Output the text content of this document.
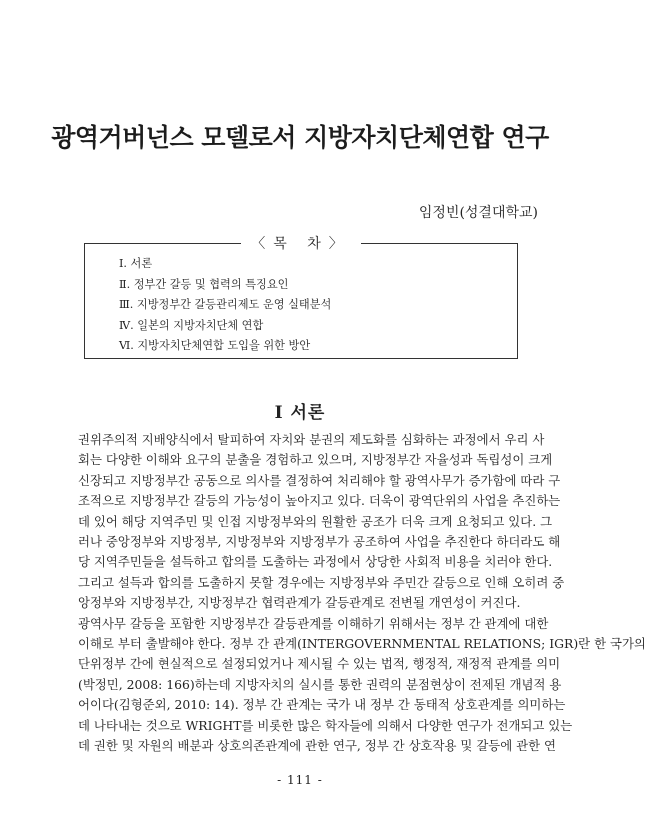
광역거버넌스 모델로서 지방자치단체연합 연구
임정빈(성결대학교)
〈목 차〉
Ⅰ. 서론
Ⅱ. 정부간 갈등 및 협력의 특징요인
Ⅲ. 지방정부간 갈등관리제도 운영 실태분석
Ⅳ. 일본의 지방자치단체 연합
Ⅵ. 지방자치단체연합 도입을 위한 방안
Ⅰ 서론
권위주의적 지배양식에서 탈피하여 자치와 분권의 제도화를 심화하는 과정에서 우리 사
회는 다양한 이해와 요구의 분출을 경험하고 있으며, 지방정부간 자율성과 독립성이 크게
신장되고 지방정부간 공동으로 의사를 결정하여 처리해야 할 광역사무가 증가함에 따라 구
조적으로 지방정부간 갈등의 가능성이 높아지고 있다. 더욱이 광역단위의 사업을 추진하는
데 있어 해당 지역주민 및 인접 지방정부와의 원활한 공조가 더욱 크게 요청되고 있다. 그
러나 중앙정부와 지방정부, 지방정부와 지방정부가 공조하여 사업을 추진한다 하더라도 해
당 지역주민들을 설득하고 합의를 도출하는 과정에서 상당한 사회적 비용을 치러야 한다.
그리고 설득과 합의를 도출하지 못할 경우에는 지방정부와 주민간 갈등으로 인해 오히려 중
앙정부와 지방정부간, 지방정부간 협력관계가 갈등관계로 전변될 개연성이 커진다.
광역사무 갈등을 포함한 지방정부간 갈등관계를 이해하기 위해서는 정부 간 관계에 대한
이해로 부터 출발해야 한다. 정부 간 관계(INTERGOVERNMENTAL RELATIONS; IGR)란 한 국가의
단위정부 간에 현실적으로 설정되었거나 제시될 수 있는 법적, 행정적, 재정적 관계를 의미
(박정민, 2008: 166)하는데 지방자치의 실시를 통한 권력의 분점현상이 전제된 개념적 용
어이다(김형준외, 2010: 14). 정부 간 관계는 국가 내 정부 간 동태적 상호관계를 의미하는
데 나타내는 것으로 WRIGHT를 비롯한 많은 학자들에 의해서 다양한 연구가 전개되고 있는
데 권한 및 자원의 배분과 상호의존관계에 관한 연구, 정부 간 상호작용 및 갈등에 관한 연
- 111 -
